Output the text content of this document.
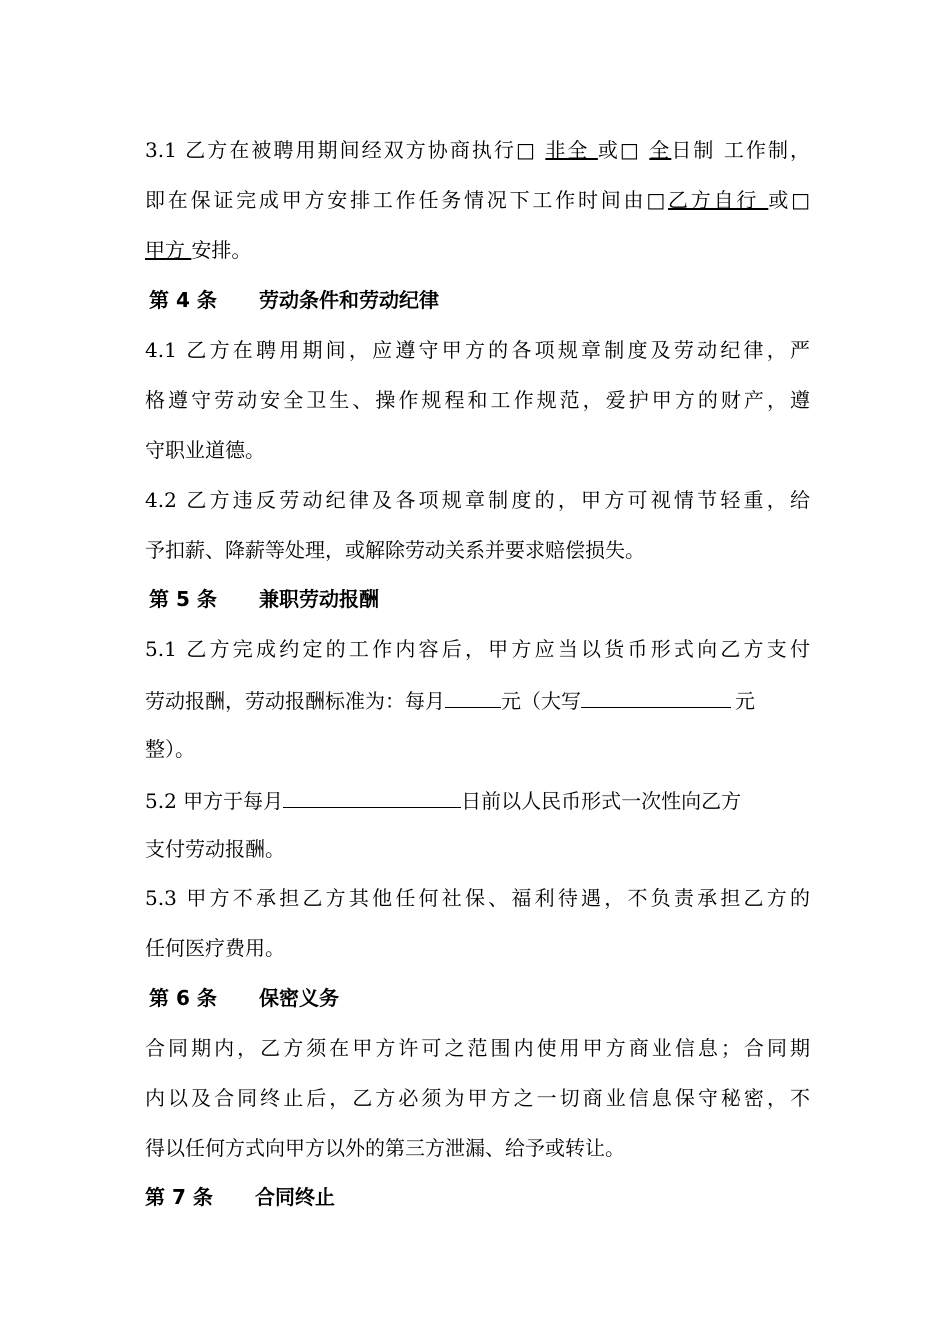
3.1 乙方在被聘用期间经双方协商执行□ 非全 或□ 全日制 工作制，
即在保证完成甲方安排工作任务情况下工作时间由□乙方自行 或□
甲方 安排。
第 4 条 劳动条件和劳动纪律
4.1 乙方在聘用期间，应遵守甲方的各项规章制度及劳动纪律，严
格遵守劳动安全卫生、操作规程和工作规范，爱护甲方的财产，遵
守职业道德。
4.2 乙方违反劳动纪律及各项规章制度的，甲方可视情节轻重，给
予扣薪、降薪等处理，或解除劳动关系并要求赔偿损失。
第 5 条 兼职劳动报酬
5.1 乙方完成约定的工作内容后，甲方应当以货币形式向乙方支付
劳动报酬，劳动报酬标准为：每月	元（大写	元
整）。
5.2 甲方于每月	日前以人民币形式一次性向乙方
支付劳动报酬。
5.3 甲方不承担乙方其他任何社保、福利待遇，不负责承担乙方的
任何医疗费用。
第 6 条 保密义务
合同期内，乙方须在甲方许可之范围内使用甲方商业信息；合同期
内以及合同终止后，乙方必须为甲方之一切商业信息保守秘密，不
得以任何方式向甲方以外的第三方泄漏、给予或转让。
第 7 条 合同终止
